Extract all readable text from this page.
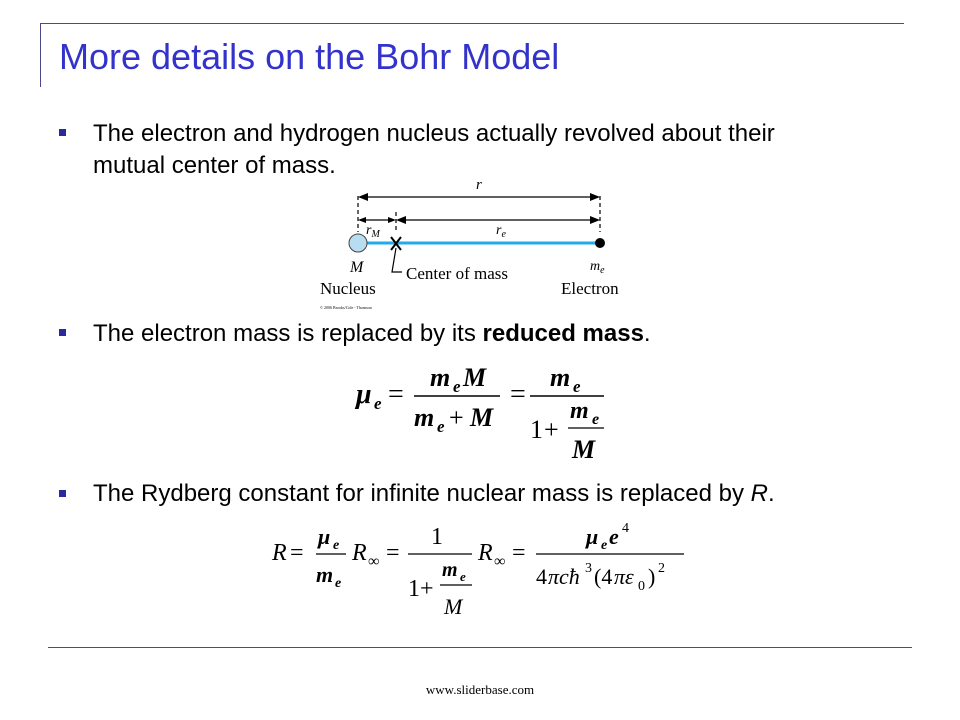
More details on the Bohr Model
The electron and hydrogen nucleus actually revolved about their
mutual center of mass.
r
$r_M$	$r_e$
M	$m_e$
Nucleus
Center of mass
Electron
© 2006 Brooks/Cole - Thomson
The electron mass is replaced by its reduced mass.
μ e =
m e M
m e + M
=
m e
1 +
m e
M
The Rydberg constant for infinite nuclear mass is replaced by R.
R =
μ e
m e
R ∞ =
1
1 +
m e
M
R ∞ =
μ e e 4
4 πcħ 3 (4 πε 0 ) 2
www.sliderbase.com
